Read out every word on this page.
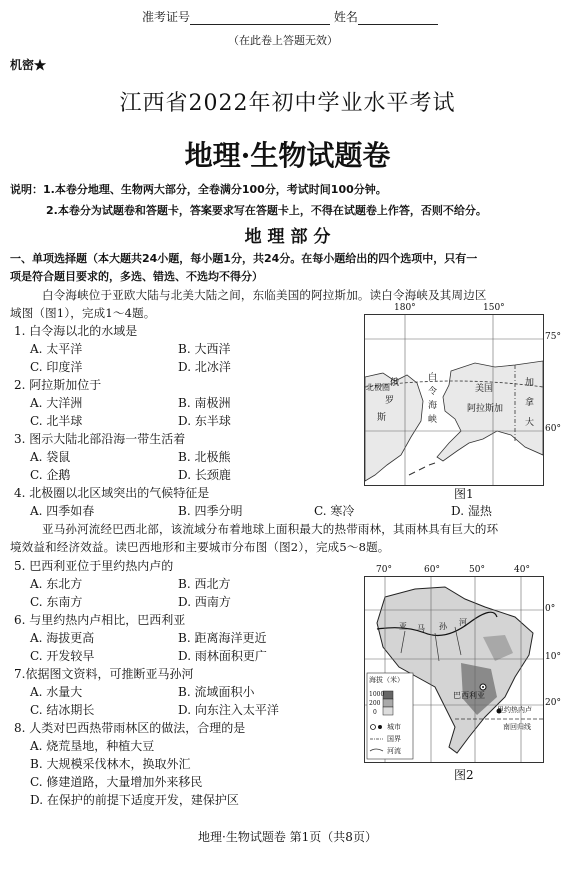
准考证号	姓名
（在此卷上答题无效）
机密★
江西省2022年初中学业水平考试
地理·生物试题卷
说明：1.本卷分地理、生物两大部分，全卷满分100分，考试时间100分钟。
2.本卷分为试题卷和答题卡，答案要求写在答题卡上，不得在试题卷上作答，否则不给分。
地 理 部 分
一、单项选择题（本大题共24小题，每小题1分，共24分。在每小题给出的四个选项中，只有一
项是符合题目要求的，多选、错选、不选均不得分）
白令海峡位于亚欧大陆与北美大陆之间，东临美国的阿拉斯加。读白令海峡及其周边区
域图（图1），完成1～4题。
1. 白令海以北的水域是
A. 太平洋	B. 大西洋
C. 印度洋	D. 北冰洋
2. 阿拉斯加位于
A. 大洋洲	B. 南极洲
C. 北半球	D. 东半球
3. 图示大陆北部沿海一带生活着
A. 袋鼠	B. 北极熊
C. 企鹅	D. 长颈鹿
4. 北极圈以北区域突出的气候特征是
A. 四季如春	B. 四季分明	C. 寒冷	D. 湿热
亚马孙河流经巴西北部，该流域分布着地球上面积最大的热带雨林，其雨林具有巨大的环
境效益和经济效益。读巴西地形和主要城市分布图（图2），完成5～8题。
5. 巴西利亚位于里约热内卢的
A. 东北方	B. 西北方
C. 东南方	D. 西南方
6. 与里约热内卢相比，巴西利亚
A. 海拔更高	B. 距离海洋更近
C. 开发较早	D. 雨林面积更广
7.依据图文资料，可推断亚马孙河
A. 水量大	B. 流域面积小
C. 结冰期长	D. 向东注入太平洋
8. 人类对巴西热带雨林区的做法，合理的是
A. 烧荒垦地，种植大豆
B. 大规模采伐林木，换取外汇
C. 修建道路，大量增加外来移民
D. 在保护的前提下适度开发，建保护区
180°	150°
北极圈 俄
罗
斯
白
令
海
峡
美国
阿拉斯加
加
拿
大
75°
60°
图1
70°	60°	50°	40°
亚 马 孙 河
巴西利亚
里约热内卢
南回归线
海拔（米）
1000
200
0
城市
国界
河流
0°
10°
20°
图2
地理·生物试题卷 第1页（共8页）
